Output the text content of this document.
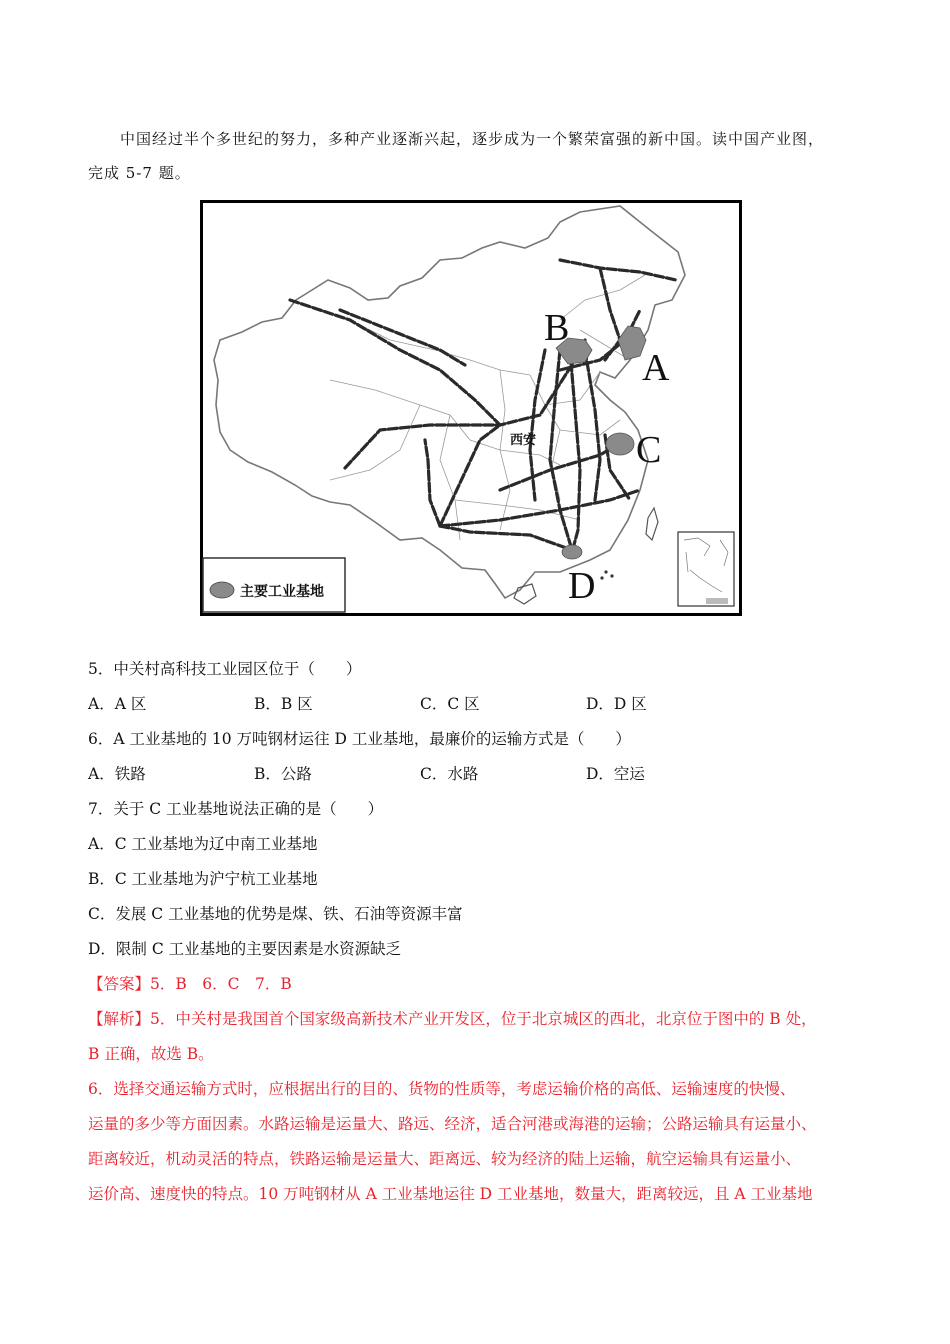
中国经过半个多世纪的努力，多种产业逐渐兴起，逐步成为一个繁荣富强的新中国。读中国产业图，
完成 5-7 题。
B
A
C
D
西安
主要工业基地
5．中关村高科技工业园区位于（　　）
A．A 区	B．B 区	C．C 区	D．D 区
6．A 工业基地的 10 万吨钢材运往 D 工业基地，最廉价的运输方式是（　　）
A．铁路	B．公路	C．水路	D．空运
7．关于 C 工业基地说法正确的是（　　）
A．C 工业基地为辽中南工业基地
B．C 工业基地为沪宁杭工业基地
C．发展 C 工业基地的优势是煤、铁、石油等资源丰富
D．限制 C 工业基地的主要因素是水资源缺乏
【答案】5．B　6．C　7．B
【解析】5．中关村是我国首个国家级高新技术产业开发区，位于北京城区的西北，北京位于图中的 B 处，
B 正确，故选 B。
6．选择交通运输方式时，应根据出行的目的、货物的性质等，考虑运输价格的高低、运输速度的快慢、
运量的多少等方面因素。水路运输是运量大、路远、经济，适合河港或海港的运输；公路运输具有运量小、
距离较近，机动灵活的特点，铁路运输是运量大、距离远、较为经济的陆上运输，航空运输具有运量小、
运价高、速度快的特点。10 万吨钢材从 A 工业基地运往 D 工业基地，数量大，距离较远，且 A 工业基地
